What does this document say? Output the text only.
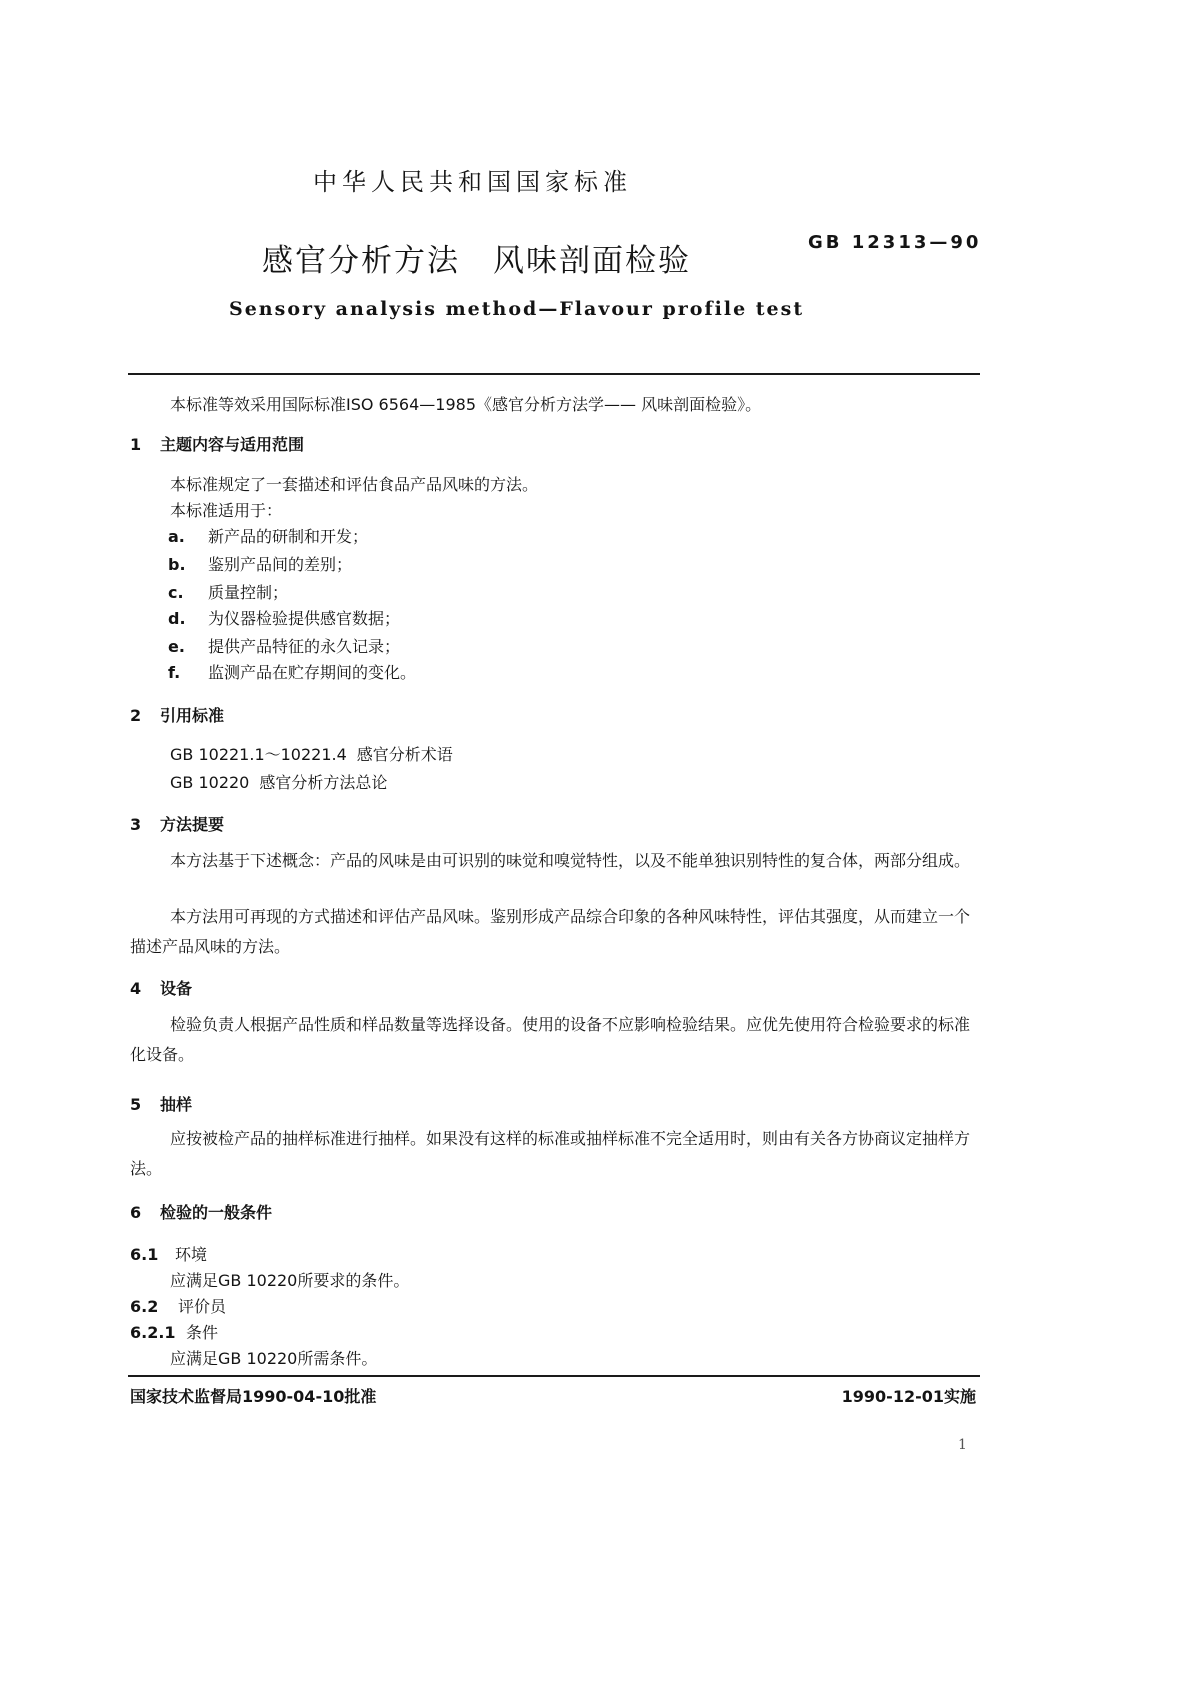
中华人民共和国国家标准
GB 12313—90
感官分析方法　风味剖面检验
Sensory analysis method—Flavour profile test
本标准等效采用国际标准ISO 6564—1985《感官分析方法学—— 风味剖面检验》。
1 主题内容与适用范围
本标准规定了一套描述和评估食品产品风味的方法。
本标准适用于：
a. 新产品的研制和开发；
b. 鉴别产品间的差别；
c. 质量控制；
d. 为仪器检验提供感官数据；
e. 提供产品特征的永久记录；
f. 监测产品在贮存期间的变化。
2 引用标准
GB 10221.1～10221.4 感官分析术语
GB 10220 感官分析方法总论
3 方法提要

本方法基于下述概念：产品的风味是由可识别的味觉和嗅觉特性，以及不能单独识别特性的复合体，两部分组成。

本方法用可再现的方式描述和评估产品风味。鉴别形成产品综合印象的各种风味特性，评估其强度，从而建立一个描述产品风味的方法。

4 设备

检验负责人根据产品性质和样品数量等选择设备。使用的设备不应影响检验结果。应优先使用符合检验要求的标准化设备。

5 抽样

应按被检产品的抽样标准进行抽样。如果没有这样的标准或抽样标准不完全适用时，则由有关各方协商议定抽样方法。

6 检验的一般条件
6.1 环境
应满足GB 10220所要求的条件。
6.2 评价员
6.2.1 条件
应满足GB 10220所需条件。
国家技术监督局1990-04-10批准	1990-12-01实施
1
